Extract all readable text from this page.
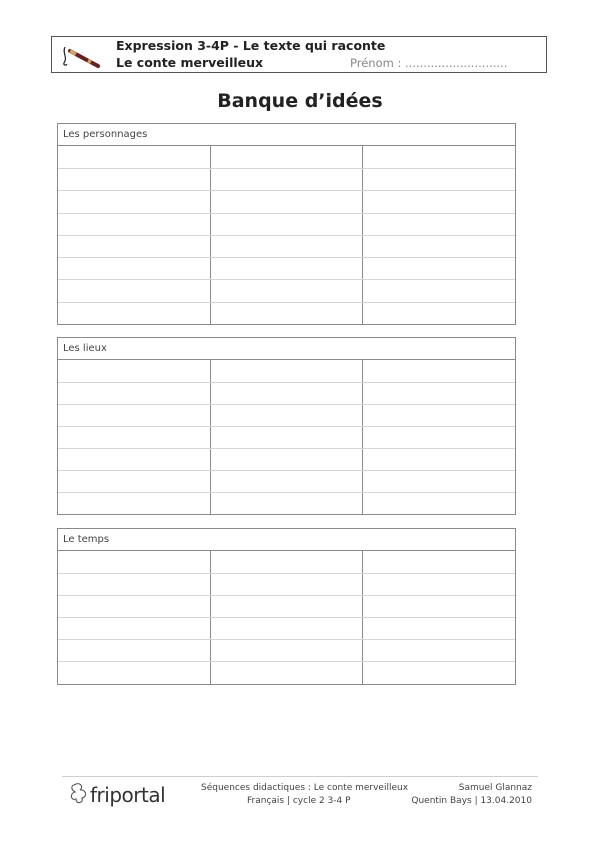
Expression 3-4P - Le texte qui raconte
Le conte merveilleux	Prénom : ............................
Banque d’idées
Les personnages
Les lieux
Le temps
friportal	Séquences didactiques : Le conte merveilleux
Français | cycle 2 3-4 P
Samuel Glannaz
Quentin Bays | 13.04.2010
